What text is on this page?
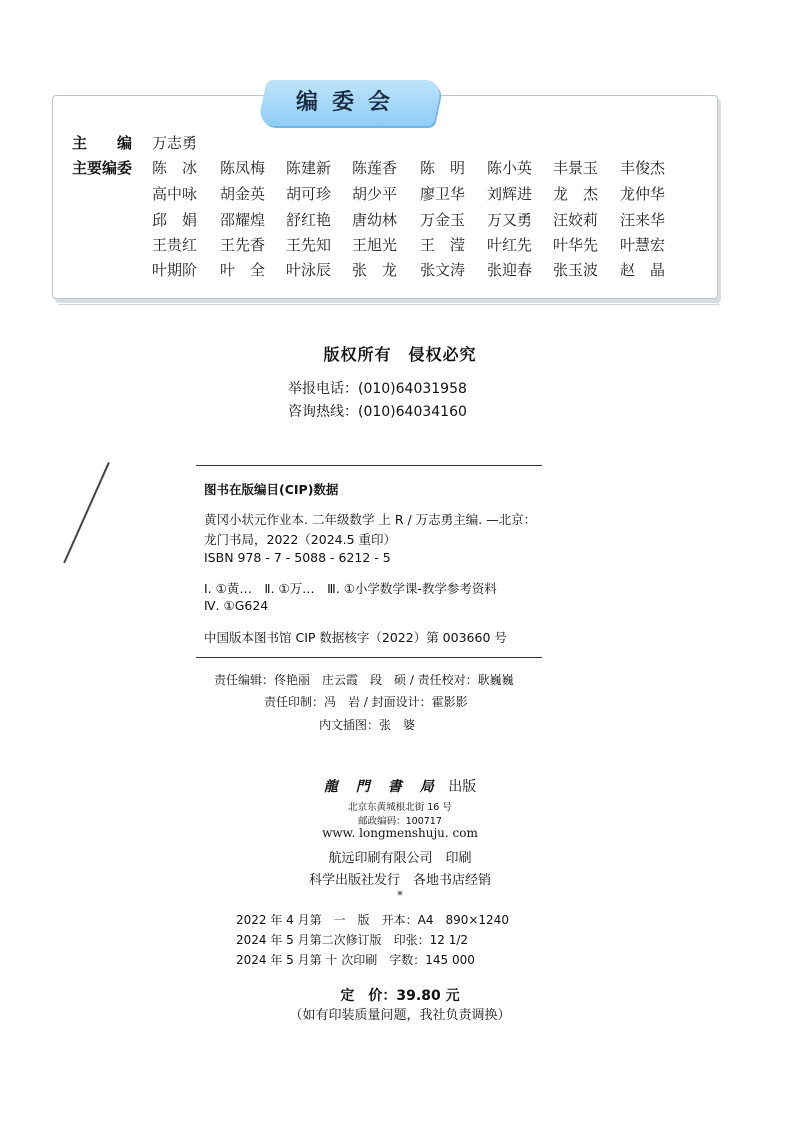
编委会
主　　编 万志勇
主要编委 陈　冰 陈凤梅 陈建新 陈莲香 陈　明 陈小英 丰景玉 丰俊杰
高中咏 胡金英 胡可珍 胡少平 廖卫华 刘辉进 龙　杰 龙仲华
邱　娟 邵耀煌 舒红艳 唐幼林 万金玉 万又勇 汪姣莉 汪来华
王贵红 王先香 王先知 王旭光 王　滢 叶红先 叶华先 叶慧宏
叶期阶 叶　全 叶泳辰 张　龙 张文涛 张迎春 张玉波 赵　晶
版权所有　侵权必究
举报电话：(010)64031958
咨询热线：(010)64034160
图书在版编目(CIP)数据
黄冈小状元作业本. 二年级数学 上 R / 万志勇主编. —北京：
龙门书局，2022（2024.5 重印）
ISBN 978 - 7 - 5088 - 6212 - 5
Ⅰ. ①黄…　Ⅱ. ①万…　Ⅲ. ①小学数学课-教学参考资料
Ⅳ. ①G624
中国版本图书馆 CIP 数据核字（2022）第 003660 号
责任编辑：佟艳丽　庄云霞　段　硕 / 责任校对：耿巍巍
责任印制：冯　岩 / 封面设计：霍影影
内文插图：张　婆
龍　門　書　局 出版
北京东黄城根北街 16 号
邮政编码：100717
www. longmenshuju. com
航远印刷有限公司　印刷
科学出版社发行　各地书店经销
*
2022 年 4 月第　一　版　开本：A4　890×1240
2024 年 5 月第二次修订版　印张：12 1/2
2024 年 5 月第 十 次印刷　字数：145 000
定　价：39.80 元
（如有印装质量问题，我社负责调换）
